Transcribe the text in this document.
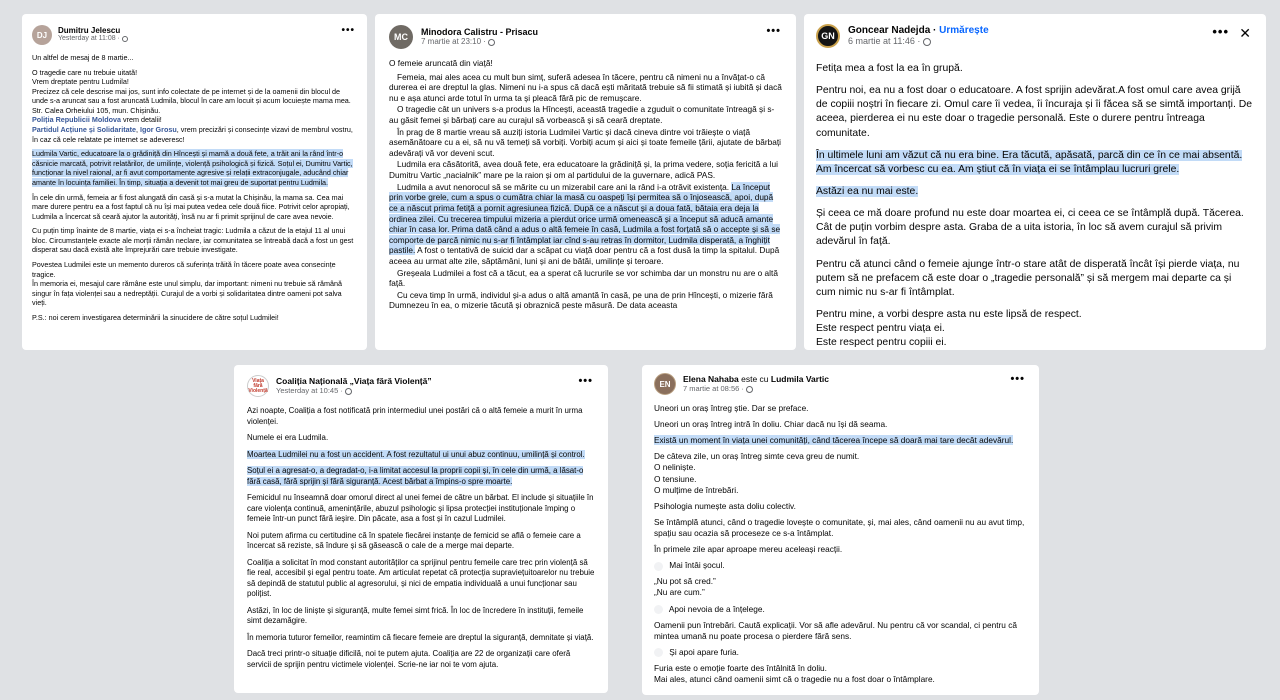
DJ	Dumitru Jelescu
Yesterday at 11:08 ·
•••

Un altfel de mesaj de 8 martie...

O tragedie care nu trebuie uitată!
Vrem dreptate pentru Ludmila!
Precizez că cele descrise mai jos, sunt info colectate de pe internet și de la oamenii din blocul de unde s-a aruncat sau a fost aruncată Ludmila, blocul în care am locuit și acum locuiește mama mea. Str. Calea Orheiului 105, mun. Chișinău.
Poliția Republicii Moldova vrem detalii!
Partidul Acțiune și Solidaritate, Igor Grosu, vrem precizări și consecințe vizavi de membrul vostru, în caz că cele relatate pe internet se adeveresc!

Ludmila Vartic, educatoare la o grădiniță din Hîncești și mamă a două fete, a trăit ani la rând într-o căsnicie marcată, potrivit relatărilor, de umilințe, violență psihologică și fizică. Soțul ei, Dumitru Vartic, funcționar la nivel raional, ar fi avut comportamente agresive și relații extraconjugale, aducând chiar amante în locuința familiei. În timp, situația a devenit tot mai greu de suportat pentru Ludmila.

În cele din urmă, femeia ar fi fost alungată din casă și s-a mutat la Chișinău, la mama sa. Cea mai mare durere pentru ea a fost faptul că nu își mai putea vedea cele două fiice. Potrivit celor apropiați, Ludmila a încercat să ceară ajutor la autorități, însă nu ar fi primit sprijinul de care avea nevoie.

Cu puțin timp înainte de 8 martie, viața ei s-a încheiat tragic: Ludmila a căzut de la etajul 11 al unui bloc. Circumstanțele exacte ale morții rămân neclare, iar comunitatea se întreabă dacă a fost un gest disperat sau dacă există alte împrejurări care trebuie investigate.

Povestea Ludmilei este un memento dureros că suferința trăită în tăcere poate avea consecințe tragice.
În memoria ei, mesajul care rămâne este unul simplu, dar important: nimeni nu trebuie să rămână singur în fața violenței sau a nedreptății. Curajul de a vorbi și solidaritatea dintre oameni pot salva vieți.

P.S.: noi cerem investigarea determinării la sinucidere de către soțul Ludmilei!

MC	Minodora Calistru - Prisacu
7 martie at 23:10 ·
•••

O femeie aruncată din viață!

Femeia, mai ales acea cu mult bun simț, suferă adesea în tăcere, pentru că nimeni nu a învățat-o că durerea ei are dreptul la glas. Nimeni nu i-a spus că dacă ești măritată trebuie să fii stimată și iubită și dacă nu e așa atunci arde totul în urma ta și pleacă fără pic de remușcare.

O tragedie cât un univers s-a produs la Hîncești, aceastã tragedie a zguduit o comunitate întreagă și s-au găsit femei și bărbați care au curajul să vorbească și să ceară dreptate.

În prag de 8 martie vreau să auziți istoria Ludmilei Vartic și dacă cineva dintre voi trăiește o viață asemănătoare cu a ei, să nu vă temeți să vorbiți. Vorbiți acum și aici și toate femeile țării, ajutate de bărbați adevărați vă vor deveni scut.

Ludmila era căsătorită, avea două fete, era educatoare la grădiniță și, la prima vedere, soția fericită a lui Dumitru Vartic „nacialnik” mare pe la raion și om al partidului de la guvernare, adică PAS.

Ludmila a avut nenorocul să se mărite cu un mizerabil care ani la rând i-a otrăvit existența. La început prin vorbe grele, cum a spus o cumătra chiar la masă cu oaspeți își permitea să o înjosească, apoi, după ce a născut prima fetiță a pornit agresiunea fizică. După ce a născut și a doua fată, bătaia era deja la ordinea zilei. Cu trecerea timpului mizeria a pierdut orice urmă omenească și a început să aducă amante chiar în casa lor. Prima dată când a adus o altă femeie în casă, Ludmila a fost forțată să o accepte și să se comporte de parcă nimic nu s-ar fi întâmplat iar cînd s-au retras în dormitor, Ludmila disperată, a înghițit pastile. A fost o tentativă de suicid dar a scăpat cu viață doar pentru că a fost dusă la timp la spitalul. După aceea au urmat alte zile, săptămâni, luni și ani de bătăi, umilințe și teroare.

Greșeala Ludmilei a fost că a tăcut, ea a sperat că lucrurile se vor schimba dar un monstru nu are o altă față.

Cu ceva timp în urmă, individul și-a adus o altă amantă în casă, pe una de prin Hîncești, o mizerie fără Dumnezeu în ea, o mizerie tăcută și obraznică peste măsură. De data aceasta

GN
Goncear Nadejda · Urmărește
6 martie at 11:46 ·
••• ✕

Fetița mea a fost la ea în grupă.

Pentru noi, ea nu a fost doar o educatoare. A fost sprijin adevărat.A fost omul care avea grijă de copiii noștri în fiecare zi. Omul care îi vedea, îi încuraja și îi făcea să se simtă importanți. De aceea, pierderea ei nu este doar o tragedie personală. Este o durere pentru întreaga comunitate.

În ultimele luni am văzut că nu era bine. Era tăcută, apăsată, parcă din ce în ce mai absentă. Am încercat să vorbesc cu ea. Am știut că în viața ei se întâmplau lucruri grele.

Astăzi ea nu mai este.

Și ceea ce mă doare profund nu este doar moartea ei, ci ceea ce se întâmplă după. Tăcerea. Cât de puțin vorbim despre asta. Graba de a uita istoria, în loc să avem curajul să privim adevărul în față.

Pentru că atunci când o femeie ajunge într-o stare atât de disperată încât își pierde viața, nu putem să ne prefacem că este doar o „tragedie personală” și să mergem mai departe ca și cum nimic nu s-ar fi întâmplat.

Pentru mine, a vorbi despre asta nu este lipsă de respect.
Este respect pentru viața ei.
Este respect pentru copiii ei.

Viața fără Violență
Coaliția Națională „Viața fără Violență”
Yesterday at 10:45 ·
•••

Azi noapte, Coaliția a fost notificată prin intermediul unei postări că o altă femeie a murit în urma violenței.

Numele ei era Ludmila.

Moartea Ludmilei nu a fost un accident. A fost rezultatul ui unui abuz continuu, umilință și control.

Soțul ei a agresat-o, a degradat-o, i-a limitat accesul la proprii copii și, în cele din urmă, a lăsat-o fără casă, fără sprijin și fără siguranță. Acest bărbat a împins-o spre moarte.

Femicidul nu înseamnă doar omorul direct al unei femei de către un bărbat. El include și situațiile în care violența continuă, amenințările, abuzul psihologic și lipsa protecției instituționale împing o femeie într-un punct fără ieșire. Din păcate, asa a fost și în cazul Ludmilei.

Noi putem afirma cu certitudine că în spatele fiecărei instanțe de femicid se află o femeie care a încercat să reziste, să îndure și să găsească o cale de a merge mai departe.

Coaliția a solicitat în mod constant autorităților ca sprijinul pentru femeile care trec prin violență să fie real, accesibil și egal pentru toate. Am articulat repetat că protecția supraviețuitoarelor nu trebuie să depindă de statutul public al agresorului, și nici de empatia individuală a unui funcționar sau polițist.

Astăzi, în loc de liniște și siguranță, multe femei simt frică. În loc de încredere în instituții, femeile simt dezamăgire.

În memoria tuturor femeilor, reamintim că fiecare femeie are dreptul la siguranță, demnitate și viață.

Dacă treci printr-o situație dificilă, noi te putem ajuta. Coaliția are 22 de organizații care oferă servicii de sprijin pentru victimele violenței. Scrie-ne iar noi te vom ajuta.

EN
Elena Nahaba este cu Ludmila Vartic
7 martie at 08:56 ·
•••

Uneori un oraș întreg știe. Dar se preface.

Uneori un oraș întreg intră în doliu. Chiar dacă nu își dă seama.

Există un moment în viața unei comunități, când tăcerea începe să doară mai tare decât adevărul.

De câteva zile, un oraș întreg simte ceva greu de numit.
O neliniște.
O tensiune.
O mulțime de întrebări.

Psihologia numește asta doliu colectiv.

Se întâmplă atunci, când o tragedie lovește o comunitate, și, mai ales, când oamenii nu au avut timp, spațiu sau ocazia să proceseze ce s-a întâmplat.

În primele zile apar aproape mereu aceleași reacții.

Mai întâi șocul.

„Nu pot să cred.”
„Nu are cum.”

Apoi nevoia de a înțelege.

Oamenii pun întrebări. Caută explicații. Vor să afle adevărul. Nu pentru că vor scandal, ci pentru că mintea umană nu poate procesa o pierdere fără sens.

Și apoi apare furia.

Furia este o emoție foarte des întâlnită în doliu.
Mai ales, atunci când oamenii simt că o tragedie nu a fost doar o întâmplare.
